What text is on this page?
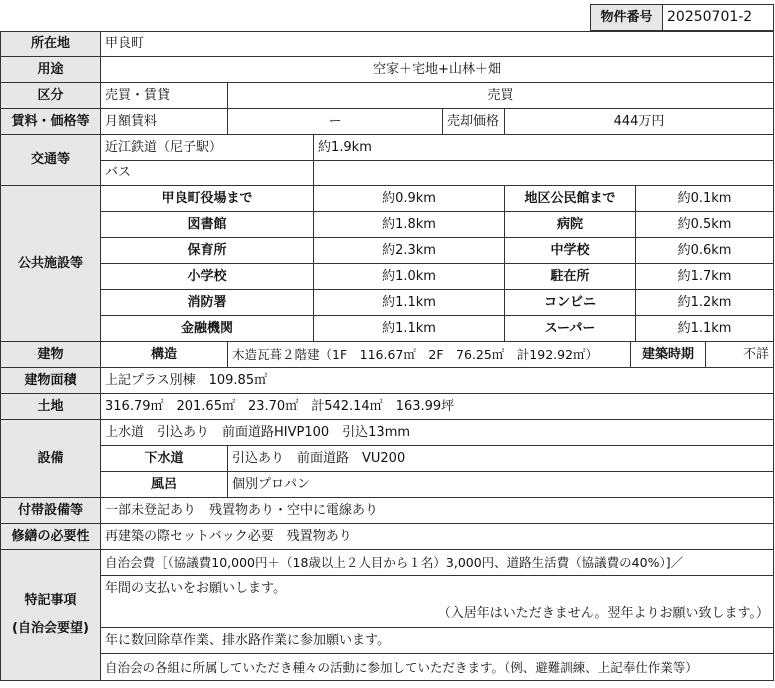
物件番号	20250701-2
所在地	甲良町
用途	空家＋宅地+山林＋畑
区分	売買・賃貸	売買
賃料・価格等	月額賃料	ー	売却価格	444万円
交通等
近江鉄道（尼子駅）	約1.9km
バス
公共施設等
甲良町役場まで	約0.9km	地区公民館まで	約0.1km
図書館	約1.8km	病院	約0.5km
保育所	約2.3km	中学校	約0.6km
小学校	約1.0km	駐在所	約1.7km
消防署	約1.1km	コンビニ	約1.2km
金融機関	約1.1km	スーパー	約1.1km
建物	構造	木造瓦葺２階建（1F　116.67㎡　2F　76.25㎡　計192.92㎡）	建築時期	不詳
建物面積	上記プラス別棟　109.85㎡
土地	316.79㎡　201.65㎡　23.70㎡　計542.14㎡　163.99坪
設備
上水道　引込あり　前面道路HIVP100　引込13mm
下水道	引込あり　前面道路　VU200
風呂	個別プロパン
付帯設備等	一部未登記あり　残置物あり・空中に電線あり
修繕の必要性	再建築の際セットバック必要　残置物あり
特記事項
(自治会要望)
自治会費［（協議費10,000円＋（18歳以上２人目から１名）3,000円、道路生活費（協議費の40%）]／
年間の支払いをお願いします。
（入居年はいただきません。翌年よりお願い致します。）
年に数回除草作業、排水路作業に参加願います。
自治会の各組に所属していただき種々の活動に参加していただきます。（例、避難訓練、上記奉仕作業等）
